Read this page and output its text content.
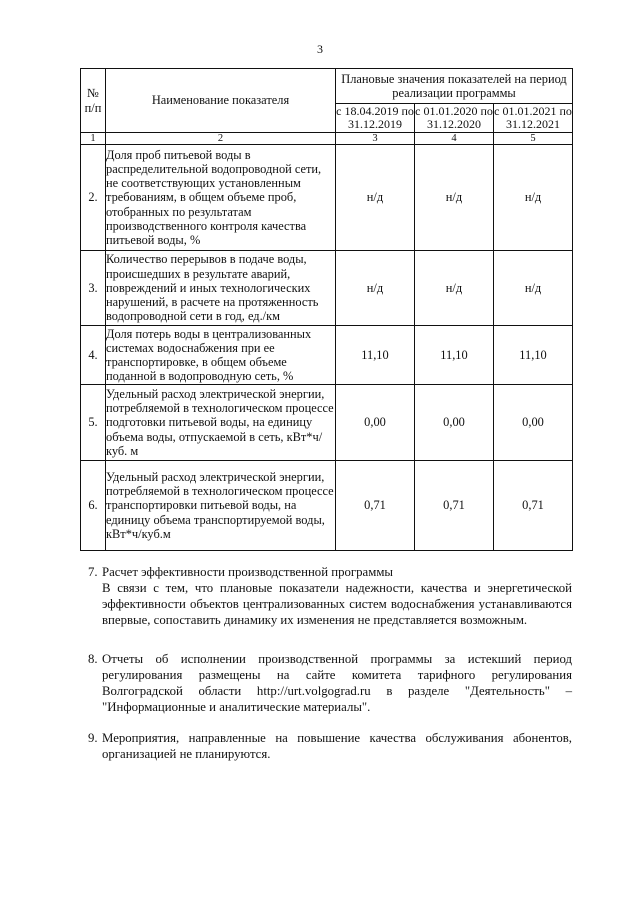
3
№ п/п	Наименование показателя	Плановые значения показателей на период реализации программы		
		с 18.04.2019 по 31.12.2019	с 01.01.2020 по 31.12.2020	с 01.01.2021 по 31.12.2021
1	2	3	4	5
2.	Доля проб питьевой воды в распределительной водопроводной сети, не соответствующих установленным требованиям, в общем объеме проб, отобранных по результатам производственного контроля качества питьевой воды, %	н/д	н/д	н/д
3.	Количество перерывов в подаче воды, происшедших в результате аварий, повреждений и иных технологических нарушений, в расчете на протяженность водопроводной сети в год, ед./км	н/д	н/д	н/д
4.	Доля потерь воды в централизованных системах водоснабжения при ее транспортировке, в общем объеме поданной в водопроводную сеть, %	11,10	11,10	11,10
5.	Удельный расход электрической энергии, потребляемой в технологическом процессе подготовки питьевой воды, на единицу объема воды, отпускаемой в сеть, кВт*ч/куб. м	0,00	0,00	0,00
6.	Удельный расход электрической энергии, потребляемой в технологическом процессе транспортировки питьевой воды, на единицу объема транспортируемой воды, кВт*ч/куб.м	0,71	0,71	0,71
7. Расчет эффективности производственной программы

В связи с тем, что плановые показатели надежности, качества и энергетической эффективности объектов централизованных систем водоснабжения устанавливаются впервые, сопоставить динамику их изменения не представляется возможным.

8. Отчеты об исполнении производственной программы за истекший период регулирования размещены на сайте комитета тарифного регулирования Волгоградской области http://urt.volgograd.ru в разделе "Деятельность" – "Информационные и аналитические материалы".

9. Мероприятия, направленные на повышение качества обслуживания абонентов, организацией не планируются.
